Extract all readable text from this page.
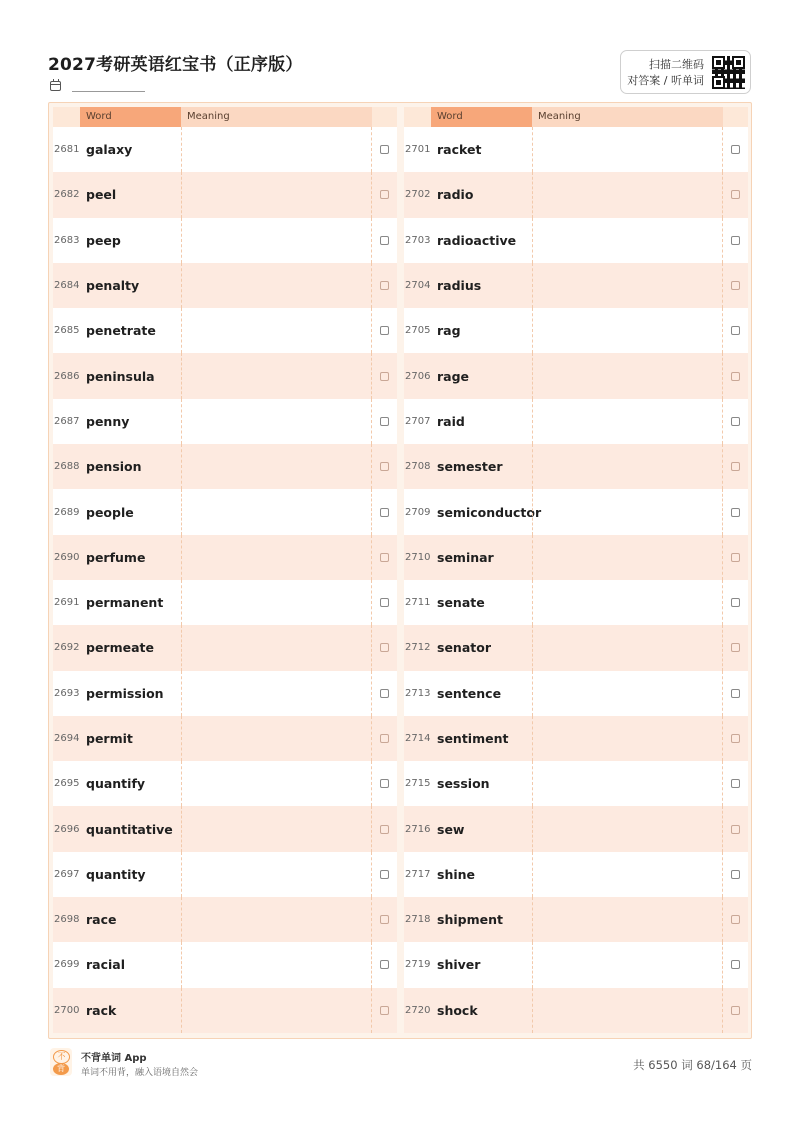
2027考研英语红宝书（正序版）	扫描二维码
对答案 / 听单词
Word	Meaning
2681 galaxy
2682 peel
2683 peep
2684 penalty
2685 penetrate
2686 peninsula
2687 penny
2688 pension
2689 people
2690 perfume
2691 permanent
2692 permeate
2693 permission
2694 permit
2695 quantify
2696 quantitative
2697 quantity
2698 race
2699 racial
2700 rack
Word	Meaning
2701 racket
2702 radio
2703 radioactive
2704 radius
2705 rag
2706 rage
2707 raid
2708 semester
2709 semiconductor
2710 seminar
2711 senate
2712 senator
2713 sentence
2714 sentiment
2715 session
2716 sew
2717 shine
2718 shipment
2719 shiver
2720 shock
不
背
不背单词 App
单词不用背，融入语境自然会
共 6550 词 68/164 页
